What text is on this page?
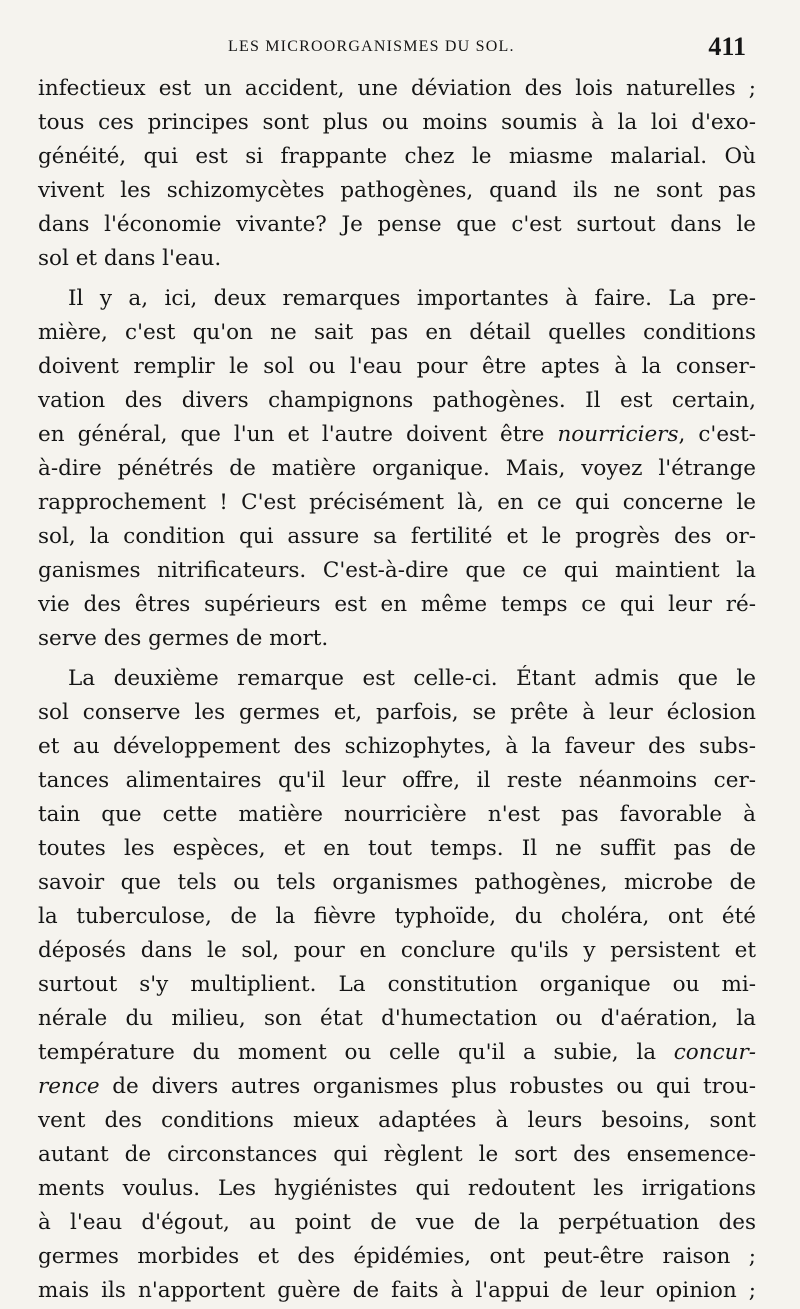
LES MICROORGANISMES DU SOL.	411
infectieux est un accident, une déviation des lois naturelles ;
tous ces principes sont plus ou moins soumis à la loi d'exo-
généité, qui est si frappante chez le miasme malarial. Où
vivent les schizomycètes pathogènes, quand ils ne sont pas
dans l'économie vivante? Je pense que c'est surtout dans le
sol et dans l'eau.
Il y a, ici, deux remarques importantes à faire. La pre-
mière, c'est qu'on ne sait pas en détail quelles conditions
doivent remplir le sol ou l'eau pour être aptes à la conser-
vation des divers champignons pathogènes. Il est certain,
en général, que l'un et l'autre doivent être nourriciers, c'est-
à-dire pénétrés de matière organique. Mais, voyez l'étrange
rapprochement ! C'est précisément là, en ce qui concerne le
sol, la condition qui assure sa fertilité et le progrès des or-
ganismes nitrificateurs. C'est-à-dire que ce qui maintient la
vie des êtres supérieurs est en même temps ce qui leur ré-
serve des germes de mort.
La deuxième remarque est celle-ci. Étant admis que le
sol conserve les germes et, parfois, se prête à leur éclosion
et au développement des schizophytes, à la faveur des subs-
tances alimentaires qu'il leur offre, il reste néanmoins cer-
tain que cette matière nourricière n'est pas favorable à
toutes les espèces, et en tout temps. Il ne suffit pas de
savoir que tels ou tels organismes pathogènes, microbe de
la tuberculose, de la fièvre typhoïde, du choléra, ont été
déposés dans le sol, pour en conclure qu'ils y persistent et
surtout s'y multiplient. La constitution organique ou mi-
nérale du milieu, son état d'humectation ou d'aération, la
température du moment ou celle qu'il a subie, la concur-
rence de divers autres organismes plus robustes ou qui trou-
vent des conditions mieux adaptées à leurs besoins, sont
autant de circonstances qui règlent le sort des ensemence-
ments voulus. Les hygiénistes qui redoutent les irrigations
à l'eau d'égout, au point de vue de la perpétuation des
germes morbides et des épidémies, ont peut-être raison ;
mais ils n'apportent guère de faits à l'appui de leur opinion ;
